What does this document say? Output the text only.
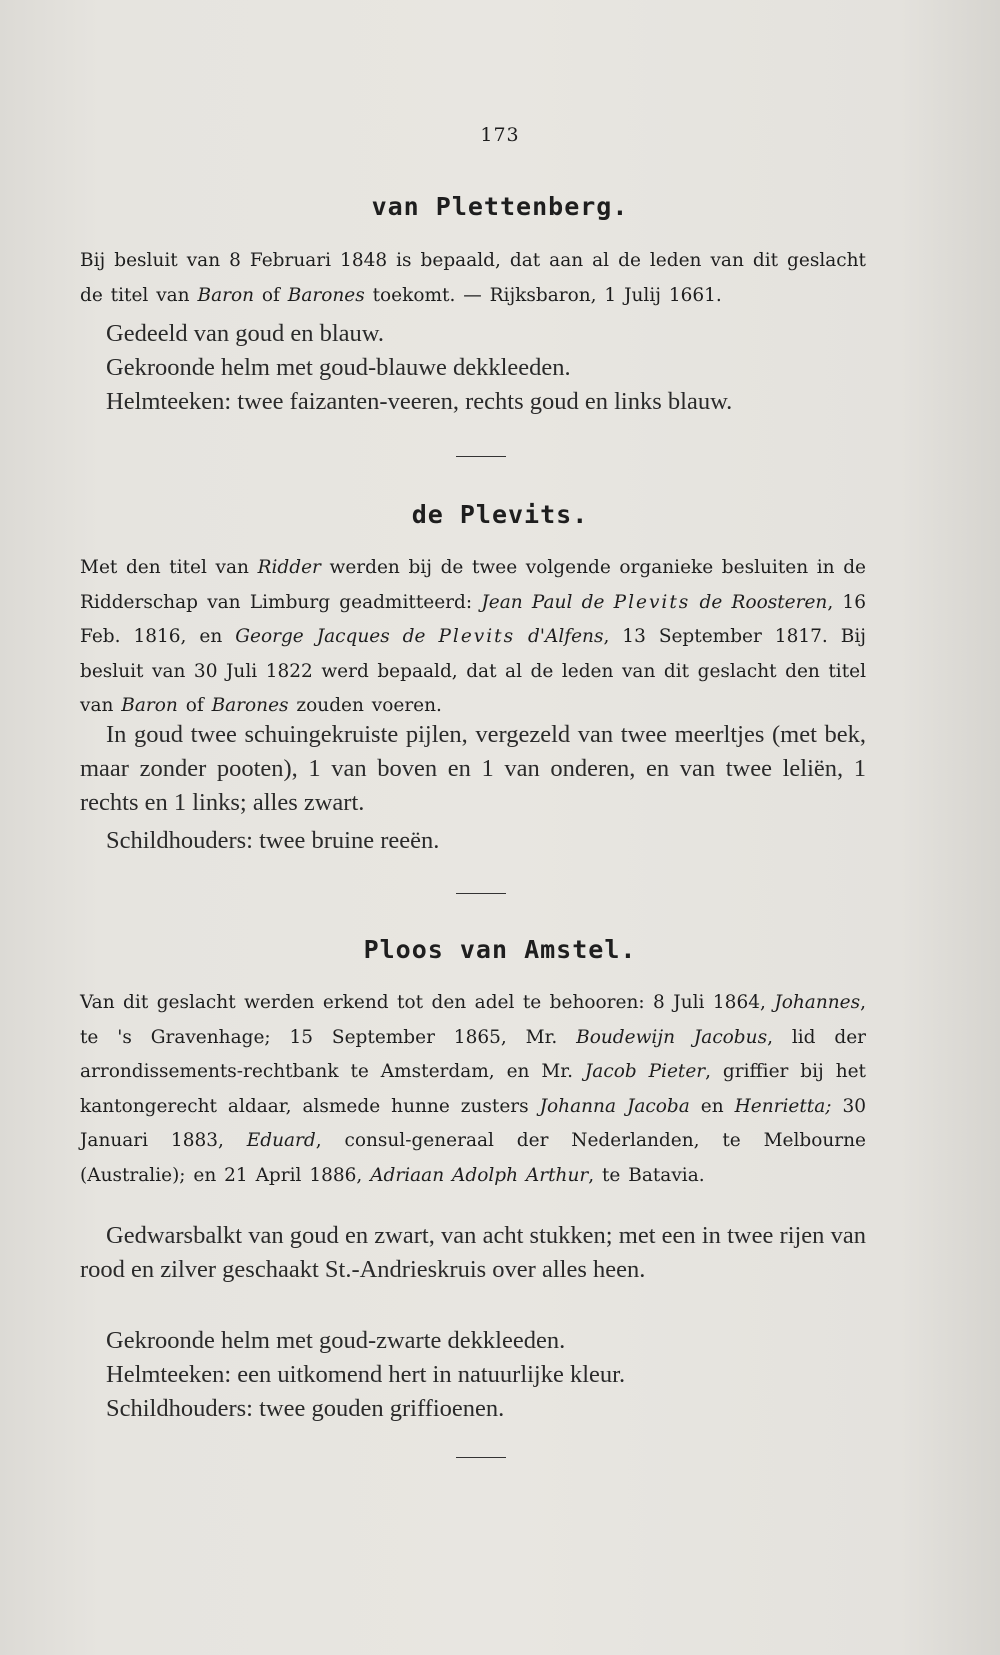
173
van Plettenberg.

Bij besluit van 8 Februari 1848 is bepaald, dat aan al de leden van dit geslacht de titel van Baron of Barones toekomt. — Rijksbaron, 1 Julij 1661.

Gedeeld van goud en blauw.
Gekroonde helm met goud-blauwe dekkleeden.
Helmteeken: twee faizanten-veeren, rechts goud en links blauw.
de Plevits.

Met den titel van Ridder werden bij de twee volgende organieke besluiten in de Ridderschap van Limburg geadmitteerd: Jean Paul de Plevits de Roosteren, 16 Feb. 1816, en George Jacques de Plevits d'Alfens, 13 September 1817. Bij besluit van 30 Juli 1822 werd bepaald, dat al de leden van dit geslacht den titel van Baron of Barones zouden voeren.

In goud twee schuingekruiste pijlen, vergezeld van twee meerltjes (met bek, maar zonder pooten), 1 van boven en 1 van onderen, en van twee leliën, 1 rechts en 1 links; alles zwart.

Schildhouders: twee bruine reeën.
Ploos van Amstel.

Van dit geslacht werden erkend tot den adel te behooren: 8 Juli 1864, Johannes, te 's Gravenhage; 15 September 1865, Mr. Boudewijn Jacobus, lid der arrondissements-rechtbank te Amsterdam, en Mr. Jacob Pieter, griffier bij het kantongerecht aldaar, alsmede hunne zusters Johanna Jacoba en Henrietta; 30 Januari 1883, Eduard, consul-generaal der Nederlanden, te Melbourne (Australie); en 21 April 1886, Adriaan Adolph Arthur, te Batavia.

Gedwarsbalkt van goud en zwart, van acht stukken; met een in twee rijen van rood en zilver geschaakt St.-Andrieskruis over alles heen.

Gekroonde helm met goud-zwarte dekkleeden.
Helmteeken: een uitkomend hert in natuurlijke kleur.
Schildhouders: twee gouden griffioenen.
